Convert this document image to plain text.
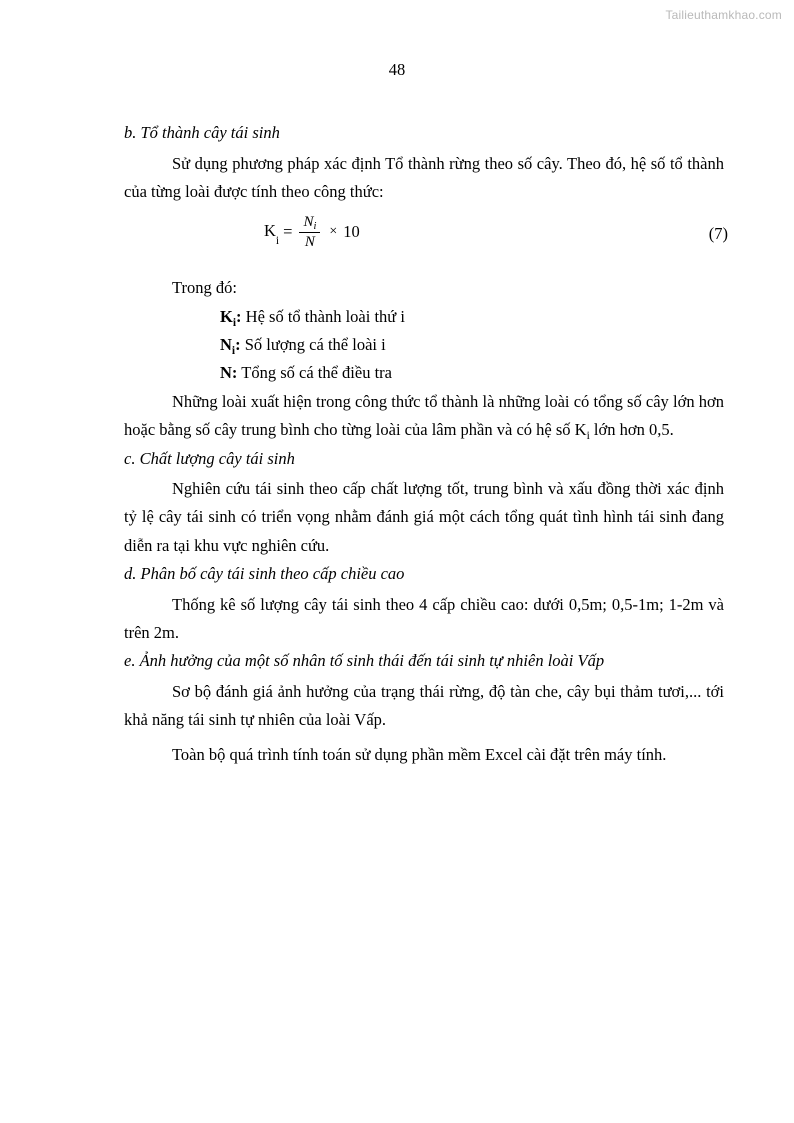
Tailieuthamkhao.com
48
b. Tổ thành cây tái sinh

Sử dụng phương pháp xác định Tổ thành rừng theo số cây. Theo đó, hệ số tổ thành của từng loài được tính theo công thức:

$K_i$
= $\frac{N_i}{N} \times 10$	(7)

Trong đó:

$K_i$: Hệ số tổ thành loài thứ i
$N_i$: Số lượng cá thể loài i
N: Tổng số cá thể điều tra

Những loài xuất hiện trong công thức tổ thành là những loài có tổng số cây lớn hơn hoặc bằng số cây trung bình cho từng loài của lâm phần và có hệ số $K_i$ lớn hơn 0,5.

c. Chất lượng cây tái sinh

Nghiên cứu tái sinh theo cấp chất lượng tốt, trung bình và xấu đồng thời xác định tỷ lệ cây tái sinh có triển vọng nhằm đánh giá một cách tổng quát tình hình tái sinh đang diễn ra tại khu vực nghiên cứu.

d. Phân bố cây tái sinh theo cấp chiều cao

Thống kê số lượng cây tái sinh theo 4 cấp chiều cao: dưới 0,5m; 0,5-1m; 1-2m và trên 2m.

e. Ảnh hưởng của một số nhân tố sinh thái đến tái sinh tự nhiên loài Vấp

Sơ bộ đánh giá ảnh hưởng của trạng thái rừng, độ tàn che, cây bụi thảm tươi,... tới khả năng tái sinh tự nhiên của loài Vấp.

Toàn bộ quá trình tính toán sử dụng phần mềm Excel cài đặt trên máy tính.
